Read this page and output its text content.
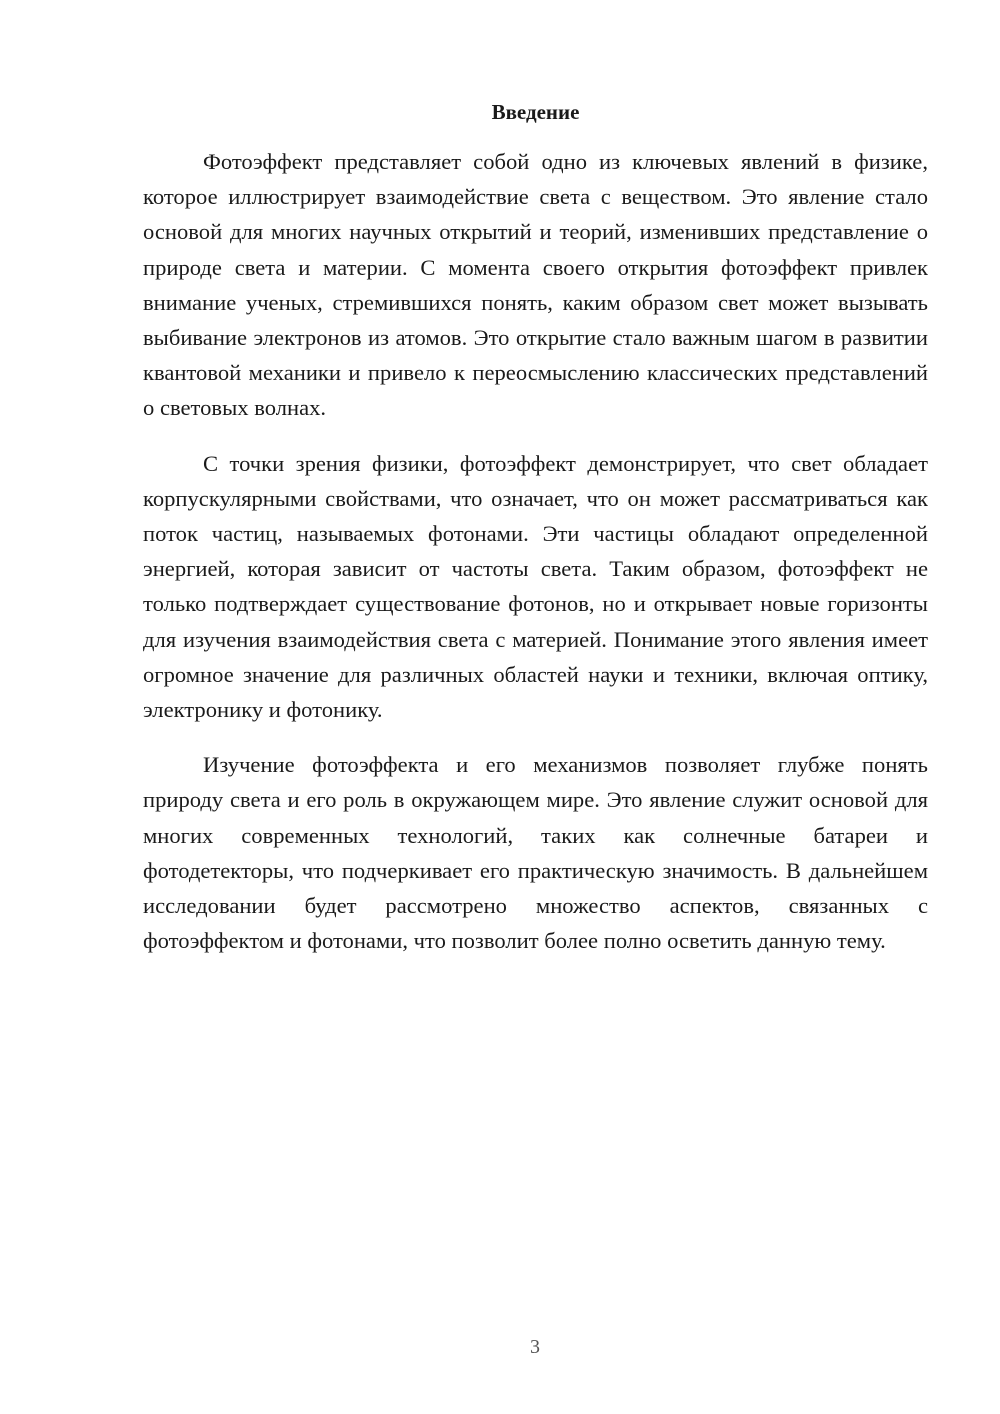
Введение

Фотоэффект представляет собой одно из ключевых явлений в физике, которое иллюстрирует взаимодействие света с веществом. Это явление стало основой для многих научных открытий и теорий, изменивших представление о природе света и материи. С момента своего открытия фотоэффект привлек внимание ученых, стремившихся понять, каким образом свет может вызывать выбивание электронов из атомов. Это открытие стало важным шагом в развитии квантовой механики и привело к переосмыслению классических представлений о световых волнах.

С точки зрения физики, фотоэффект демонстрирует, что свет обладает корпускулярными свойствами, что означает, что он может рассматриваться как поток частиц, называемых фотонами. Эти частицы обладают определенной энергией, которая зависит от частоты света. Таким образом, фотоэффект не только подтверждает существование фотонов, но и открывает новые горизонты для изучения взаимодействия света с материей. Понимание этого явления имеет огромное значение для различных областей науки и техники, включая оптику, электронику и фотонику.

Изучение фотоэффекта и его механизмов позволяет глубже понять природу света и его роль в окружающем мире. Это явление служит основой для многих современных технологий, таких как солнечные батареи и фотодетекторы, что подчеркивает его практическую значимость. В дальнейшем исследовании будет рассмотрено множество аспектов, связанных с фотоэффектом и фотонами, что позволит более полно осветить данную тему.

3
